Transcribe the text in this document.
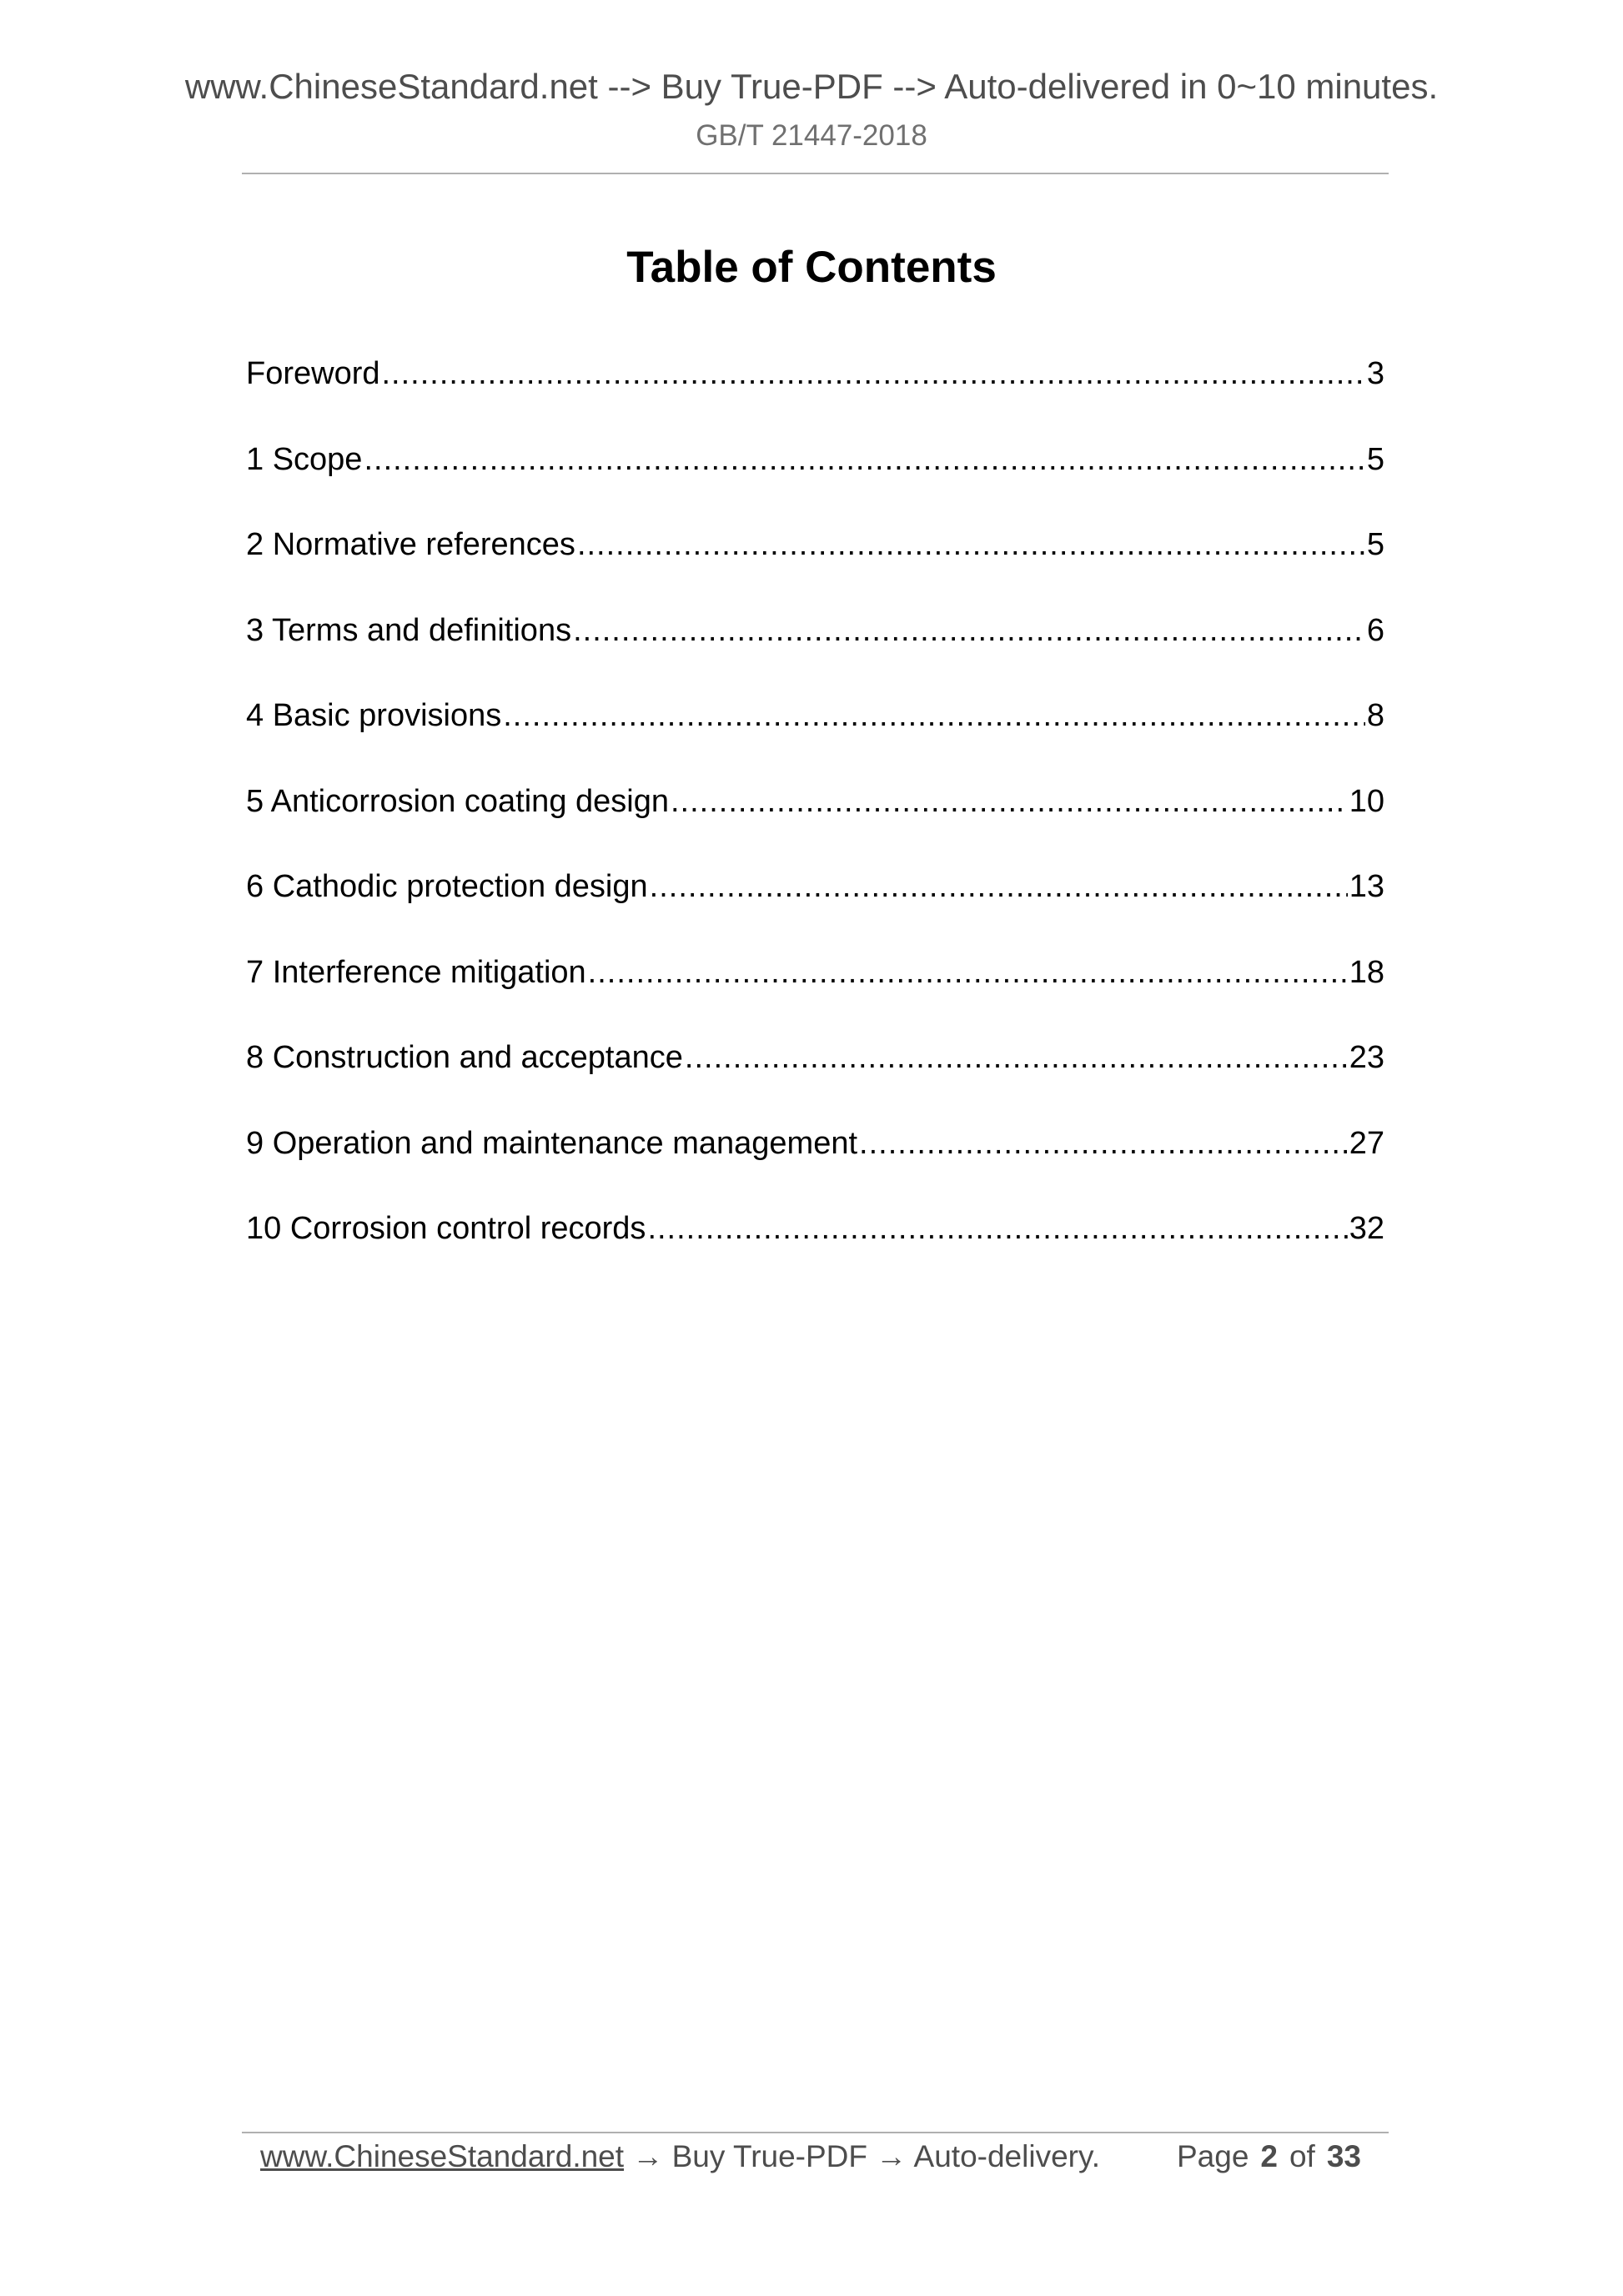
www.ChineseStandard.net --> Buy True-PDF --> Auto-delivered in 0~10 minutes.
GB/T 21447-2018
Table of Contents
Foreword .....	3
1 Scope .....	5
2 Normative references .....	5
3 Terms and definitions .....	6
4 Basic provisions .....	8
5 Anticorrosion coating design .....	10
6 Cathodic protection design .....	13
7 Interference mitigation .....	18
8 Construction and acceptance .....	23
9 Operation and maintenance management .....	27
10 Corrosion control records .....	32
www.ChineseStandard.net → Buy True-PDF → Auto-delivery. Page 2 of 33
